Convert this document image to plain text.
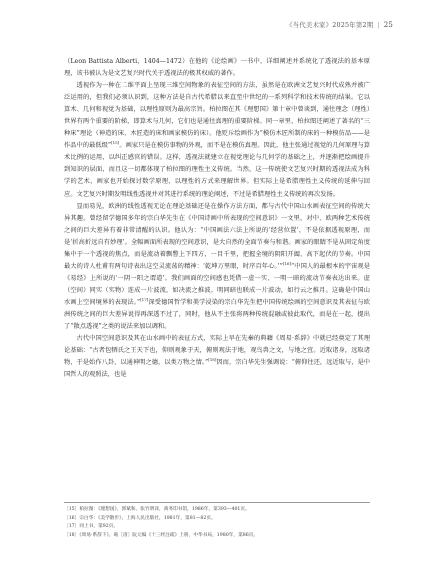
《当代美术家》2025年第2期 | 25

（Leon Battista Alberti，1404—1472）在他的《论绘画》一书中，详细阐述并系统化了透视法的基本原理，该书被认为是文艺复兴时代关于透视法的极其权威的著作。

透视作为一种在二维平面上呈现三维空间物象的表征空间的方法，虽然是在欧洲文艺复兴时代成熟并被广泛运用的，但我们必须认识到，这种方法是自古代希腊以来直至中世纪的一系列科学和技术传统的结果。它以算术、几何和视觉为基础，以理性原则为最高宗旨。柏拉图在其《理想国》第十章中曾谈到，通往理念（理性）世界有两个重要的阶梯，即算术与几何，它们也是通往真理的重要阶梯。同一章里，柏拉图还阐述了著名的“三种床”理论（神造的床、木匠造的床和画家模仿的床）。他贬斥绘画作为“模仿木匠所制的床的一种模仿品——是作品中的最低级”[15]。画家只是在模仿事物的外观，而不是在模仿真理。因此，他主张通过视觉的几何原理与算术比例的运用，以纠正感官的错误。这样，透视法就建立在视觉理论与几何学的基础之上，并逐渐把绘画提升到知识的层面，而且这一切都体现了柏拉图的理性主义传统。当然，这一传统使文艺复兴时期的透视法成为科学的艺术，画家也开始探讨数学原理，以理性的方式来理解世界。但实际上是希腊理性主义传统的延伸与回应。文艺复兴时期发明线性透视并对其进行系统的理论阐述，不过是希腊理性主义传统的再次发扬。

显而易见，欧洲的线性透视无论在理论基础还是在操作方法方面，都与古代中国山水画表征空间的传统大异其趣。曾经留学德国多年的宗白华先生在《中国诗画中所表现的空间意识》一文里，对中、欧两种艺术传统之间的巨大差异有着非常清醒的认识。他认为：“中国画法六法上所说的‘经营位置’，不是依据透视原理，而是‘折高折远自有妙理’。全幅画面所表现的空间意识，是大自然的全面节奏与和谐。画家的眼睛不是从固定角度集中于一个透视的焦点，而是流动着飘瞥上下四方，一目千里，把握全境的阴阳开阖、高下起伏的节奏。中国最大的诗人杜甫有两句诗表出这空灵流荡的精神：‘乾坤万里眼，时序百年心。’”[16]“中国人的最根本的宇宙观是《易经》上所说的‘一阴一阳之谓道’。我们画面的空间感也凭借一虚一实、一明一暗的流动节奏表达出来。虚（空间）同实（实物）连成一片波流，如决流之推波。明同暗也联成一片波动，如行云之推月。这确是中国山水画上空间境界的表现法。”[17]深受德国哲学和美学浸染的宗白华先生把中国传统绘画的空间意识及其表征与欧洲传统之间的巨大差异说得再深透不过了，同时，他从不主张将两种传统混融或彼此取代，而是在一起，提出了“散点透视”之类的说法来加以调和。

古代中国空间意识及其在山水画中的表征方式，实际上早在先秦的典籍《周易·系辞》中就已经奠定了其理论基础：“古者包牺氏之王天下也，仰则观象于天，俯则观法于地，观鸟兽之文，与地之宜。近取诸身，远取诸物，于是始作八卦，以通神明之德，以类万物之情。”[18]因而，宗白华先生强调说：“俯仰往还，远近取与，是中国哲人的观照法，也是

［15］柏拉图：《理想国》，郭斌和、张竹明译，商务印书馆，1986年，第393—401页。
［16］宗白华：《美学散步》，上海人民出版社，1981年，第81—82页。
［17］同上书，第92页。
［18］《周易·系辞下》，载［清］阮元编《十三经注疏》上册，中华书局，1980年，第86页。
